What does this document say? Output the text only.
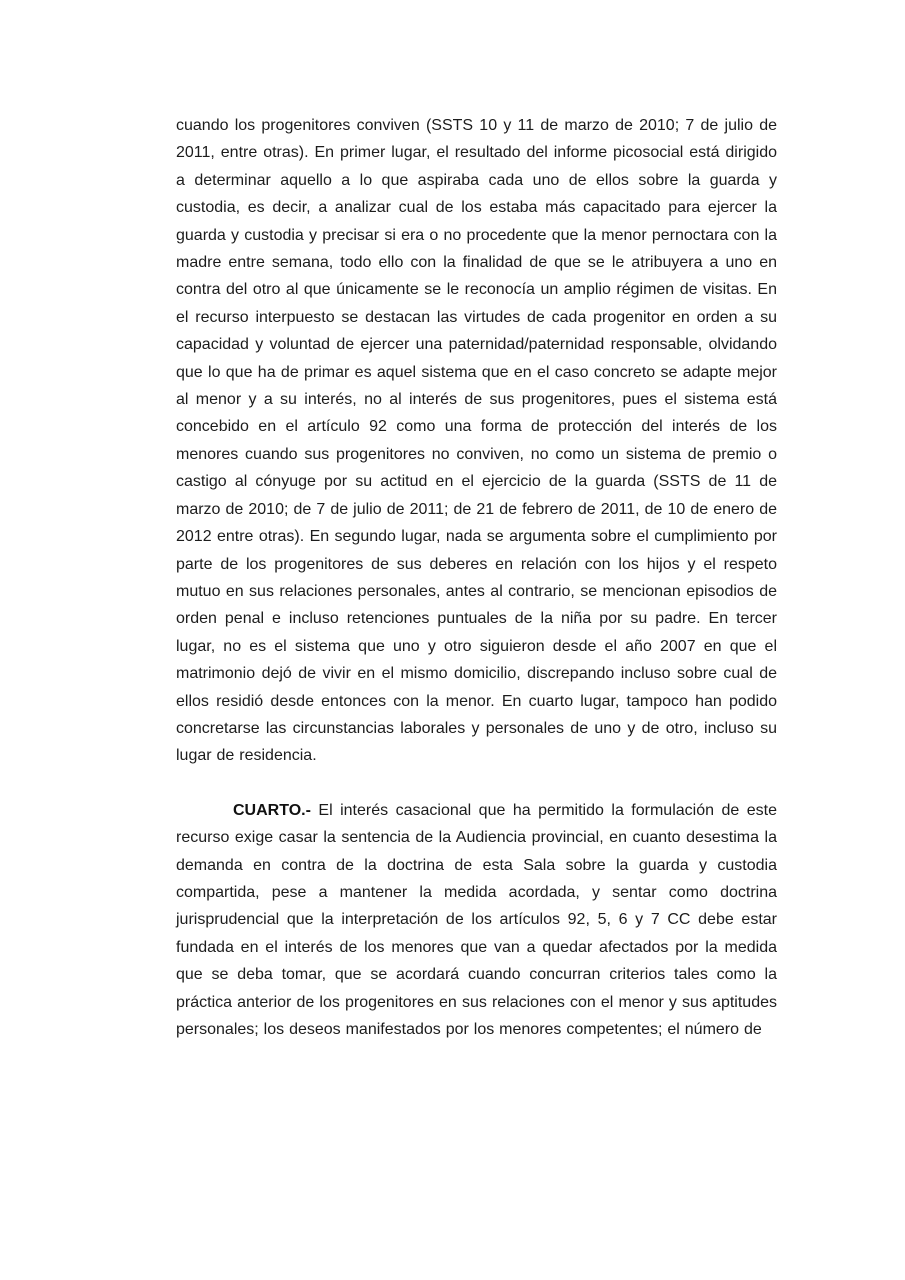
cuando los progenitores conviven (SSTS 10 y 11 de marzo de 2010; 7 de julio de 2011, entre otras). En primer lugar, el resultado del informe picosocial está dirigido a determinar aquello a lo que aspiraba cada uno de ellos sobre la guarda y custodia, es decir, a analizar cual de los estaba más capacitado para ejercer la guarda y custodia y precisar si era o no procedente que la menor pernoctara con la madre entre semana, todo ello con la finalidad de que se le atribuyera a uno en contra del otro al que únicamente se le reconocía un amplio régimen de visitas. En el recurso interpuesto se destacan las virtudes de cada progenitor en orden a su capacidad y voluntad de ejercer una paternidad/paternidad responsable, olvidando que lo que ha de primar es aquel sistema que en el caso concreto se adapte mejor al menor y a su interés, no al interés de sus progenitores, pues el sistema está concebido en el artículo 92 como una forma de protección del interés de los menores cuando sus progenitores no conviven, no como un sistema de premio o castigo al cónyuge por su actitud en el ejercicio de la guarda (SSTS de 11 de marzo de 2010; de 7 de julio de 2011; de 21 de febrero de 2011, de 10 de enero de 2012 entre otras). En segundo lugar, nada se argumenta sobre el cumplimiento por parte de los progenitores de sus deberes en relación con los hijos y el respeto mutuo en sus relaciones personales, antes al contrario, se mencionan episodios de orden penal e incluso retenciones puntuales de la niña por su padre. En tercer lugar, no es el sistema que uno y otro siguieron desde el año 2007 en que el matrimonio dejó de vivir en el mismo domicilio, discrepando incluso sobre cual de ellos residió desde entonces con la menor. En cuarto lugar, tampoco han podido concretarse las circunstancias laborales y personales de uno y de otro, incluso su lugar de residencia.

CUARTO.- El interés casacional que ha permitido la formulación de este recurso exige casar la sentencia de la Audiencia provincial, en cuanto desestima la demanda en contra de la doctrina de esta Sala sobre la guarda y custodia compartida, pese a mantener la medida acordada, y sentar como doctrina jurisprudencial que la interpretación de los artículos 92, 5, 6 y 7 CC debe estar fundada en el interés de los menores que van a quedar afectados por la medida que se deba tomar, que se acordará cuando concurran criterios tales como la práctica anterior de los progenitores en sus relaciones con el menor y sus aptitudes personales; los deseos manifestados por los menores competentes; el número de
